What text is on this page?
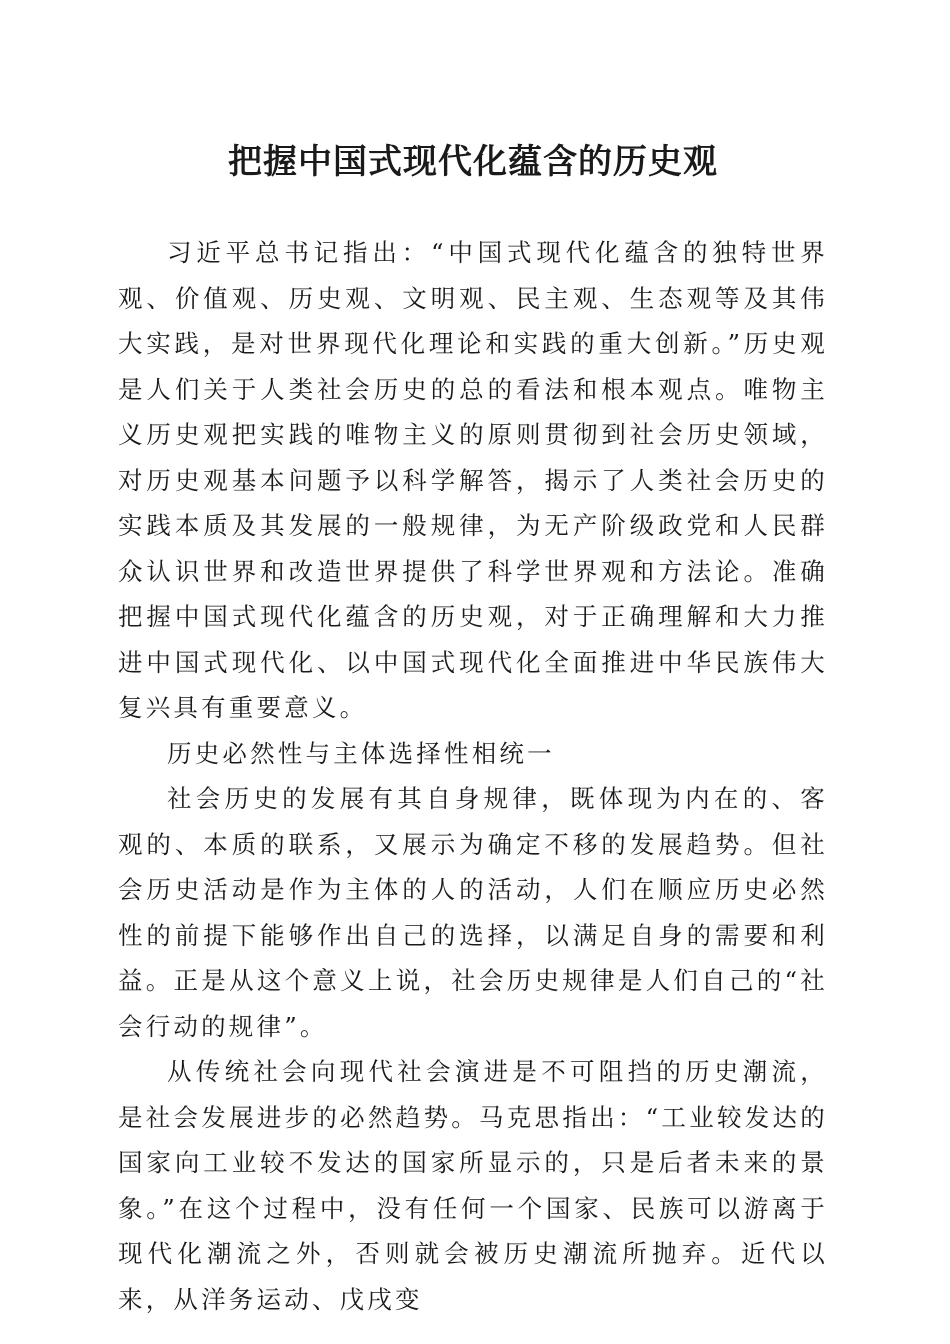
把握中国式现代化蕴含的历史观

习近平总书记指出：“中国式现代化蕴含的独特世界观、价值观、历史观、文明观、民主观、生态观等及其伟大实践，是对世界现代化理论和实践的重大创新。”历史观是人们关于人类社会历史的总的看法和根本观点。唯物主义历史观把实践的唯物主义的原则贯彻到社会历史领域，对历史观基本问题予以科学解答，揭示了人类社会历史的实践本质及其发展的一般规律，为无产阶级政党和人民群众认识世界和改造世界提供了科学世界观和方法论。准确把握中国式现代化蕴含的历史观，对于正确理解和大力推进中国式现代化、以中国式现代化全面推进中华民族伟大复兴具有重要意义。

历史必然性与主体选择性相统一

社会历史的发展有其自身规律，既体现为内在的、客观的、本质的联系，又展示为确定不移的发展趋势。但社会历史活动是作为主体的人的活动，人们在顺应历史必然性的前提下能够作出自己的选择，以满足自身的需要和利益。正是从这个意义上说，社会历史规律是人们自己的“社会行动的规律”。

从传统社会向现代社会演进是不可阻挡的历史潮流，是社会发展进步的必然趋势。马克思指出：“工业较发达的国家向工业较不发达的国家所显示的，只是后者未来的景象。”在这个过程中，没有任何一个国家、民族可以游离于现代化潮流之外，否则就会被历史潮流所抛弃。近代以来，从洋务运动、戊戌变
